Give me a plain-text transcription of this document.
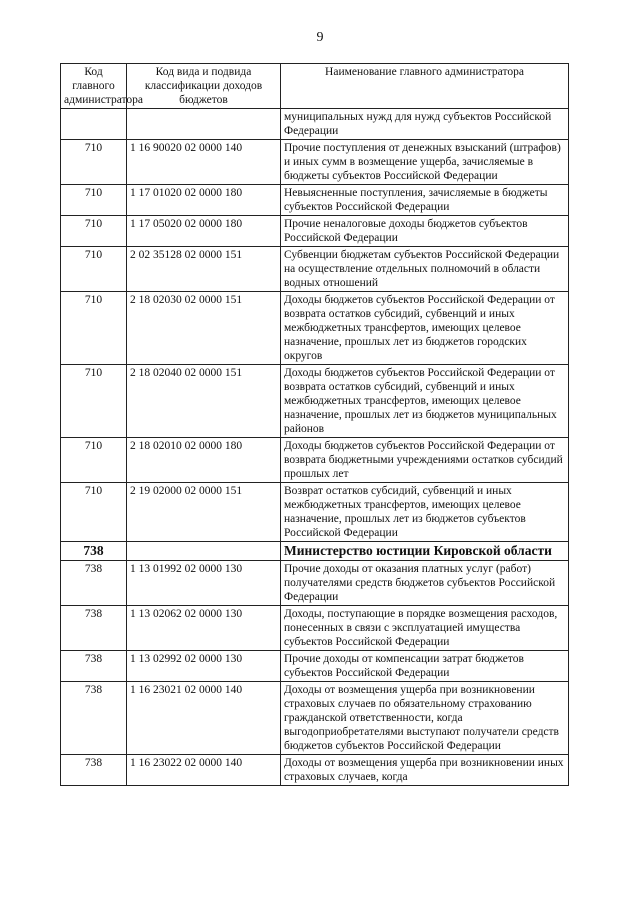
9
Код главного администратора	Код вида и подвида классификации доходов бюджетов	Наименование главного администратора
		муниципальных нужд для нужд субъектов Российской Федерации
710	1 16 90020 02 0000 140	Прочие поступления от денежных взысканий (штрафов) и иных сумм в возмещение ущерба, зачисляемые в бюджеты субъектов Российской Федерации
710	1 17 01020 02 0000 180	Невыясненные поступления, зачисляемые в бюджеты субъектов Российской Федерации
710	1 17 05020 02 0000 180	Прочие неналоговые доходы бюджетов субъектов Российской Федерации
710	2 02 35128 02 0000 151	Субвенции бюджетам субъектов Российской Федерации на осуществление отдельных полномочий в области водных отношений
710	2 18 02030 02 0000 151	Доходы бюджетов субъектов Российской Федерации от возврата остатков субсидий, субвенций и иных межбюджетных трансфертов, имеющих целевое назначение, прошлых лет из бюджетов городских округов
710	2 18 02040 02 0000 151	Доходы бюджетов субъектов Российской Федерации от возврата остатков субсидий, субвенций и иных межбюджетных трансфертов, имеющих целевое назначение, прошлых лет из бюджетов муниципальных районов
710	2 18 02010 02 0000 180	Доходы бюджетов субъектов Российской Федерации от возврата бюджетными учреждениями остатков субсидий прошлых лет
710	2 19 02000 02 0000 151	Возврат остатков субсидий, субвенций и иных межбюджетных трансфертов, имеющих целевое назначение, прошлых лет из бюджетов субъектов Российской Федерации
738		Министерство юстиции Кировской области
738	1 13 01992 02 0000 130	Прочие доходы от оказания платных услуг (работ) получателями средств бюджетов субъектов Российской Федерации
738	1 13 02062 02 0000 130	Доходы, поступающие в порядке возмещения расходов, понесенных в связи с эксплуатацией имущества субъектов Российской Федерации
738	1 13 02992 02 0000 130	Прочие доходы от компенсации затрат бюджетов субъектов Российской Федерации
738	1 16 23021 02 0000 140	Доходы от возмещения ущерба при возникновении страховых случаев по обязательному страхованию гражданской ответственности, когда выгодоприобретателями выступают получатели средств бюджетов субъектов Российской Федерации
738	1 16 23022 02 0000 140	Доходы от возмещения ущерба при возникновении иных страховых случаев, когда
